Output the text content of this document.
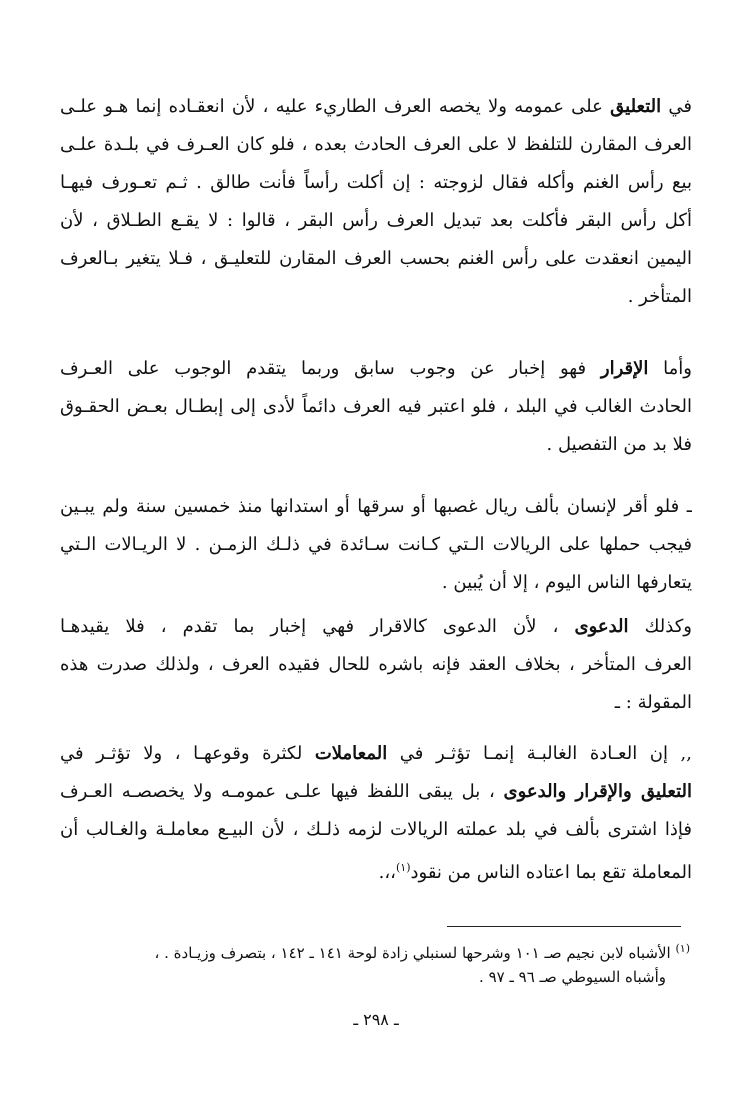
في التعليق على عمومه ولا يخصه العرف الطاريء عليه ، لأن انعقـاده إنما هـو علـى
العرف المقارن للتلفظ لا على العرف الحادث بعده ، فلو كان العـرف في بلـدة علـى
بيع رأس الغنم وأكله فقال لزوجته : إن أكلت رأساً فأنت طالق . ثـم تعـورف فيهـا
أكل رأس البقر فأكلت بعد تبديل العرف رأس البقر ، قالوا : لا يقـع الطـلاق ، لأن
اليمين انعقدت على رأس الغنم بحسب العرف المقارن للتعليـق ، فـلا يتغير بـالعرف
المتأخر .
وأما الإقرار فهو إخبار عن وجوب سابق وربما يتقدم الوجوب على العـرف
الحادث الغالب في البلد ، فلو اعتبر فيه العرف دائماً لأدى إلى إبطـال بعـض الحقـوق
فلا بد من التفصيل .
ـ فلو أقر لإنسان بألف ريال غصبها أو سرقها أو استدانها منذ خمسين سنة ولم يبـين
فيجب حملها على الريالات الـتي كـانت سـائدة في ذلـك الزمـن . لا الريـالات الـتي
يتعارفها الناس اليوم ، إلا أن يُبين .
وكذلك الدعوى ، لأن الدعوى كالاقرار فهي إخبار بما تقدم ، فلا يقيدهـا
العرف المتأخر ، بخلاف العقد فإنه باشره للحال فقيده العرف ، ولذلك صدرت هذه
المقولة : ـ
,, إن العـادة الغالبـة إنمـا تؤثـر في المعاملات لكثرة وقوعهـا ، ولا تؤثـر في
التعليق والإقرار والدعوى ، بل يبقى اللفظ فيها علـى عمومـه ولا يخصصـه العـرف
فإذا اشترى بألف في بلد عملته الريالات لزمه ذلـك ، لأن البيـع معاملـة والغـالب أن
المعاملة تقع بما اعتاده الناس من نقود$^{(١)}$،،.
$^{(١)}$ الأشباه لابن نجيم صـ ١٠١ وشرحها لسنبلي زادة لوحة ١٤١ ـ ١٤٢ ، بتصرف وزيـادة . ،
وأشباه السيوطي صـ ٩٦ ـ ٩٧ .
ـ ٢٩٨ ـ
